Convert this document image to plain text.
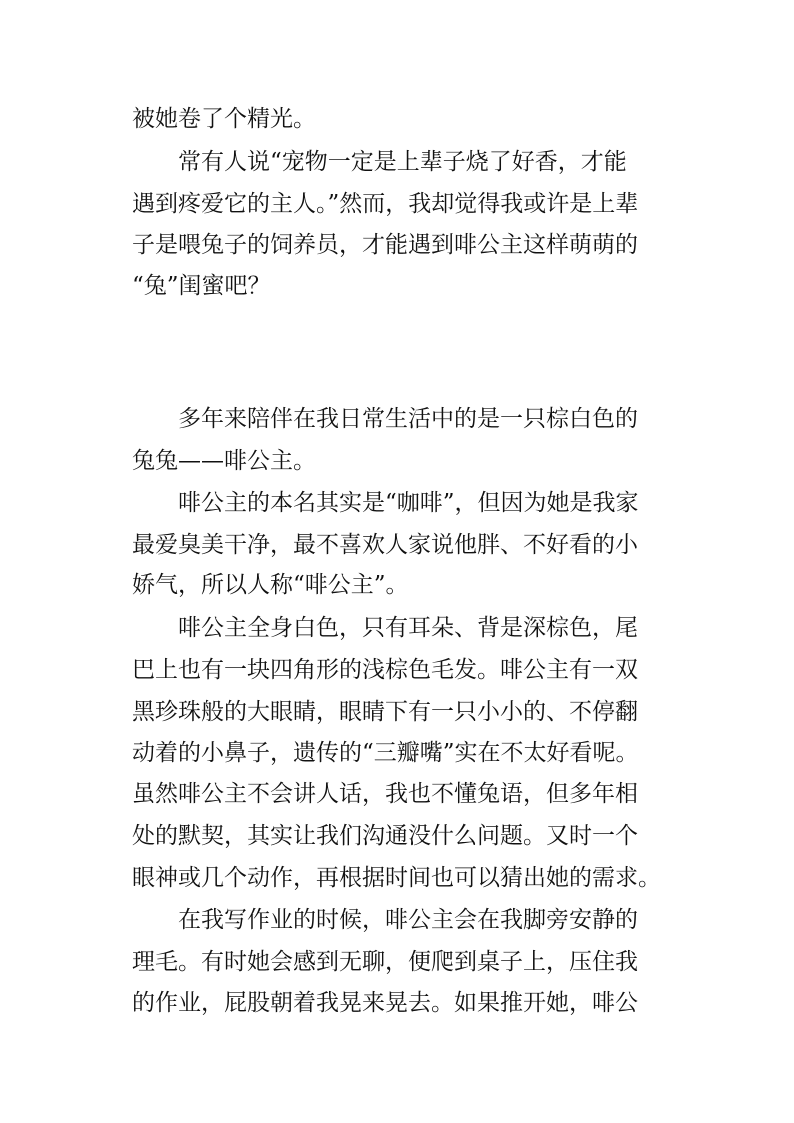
被她卷了个精光。
常有人说“宠物一定是上辈子烧了好香，才能
遇到疼爱它的主人。”然而，我却觉得我或许是上辈
子是喂兔子的饲养员，才能遇到啡公主这样萌萌的
“兔”闺蜜吧？
多年来陪伴在我日常生活中的是一只棕白色的
兔兔——啡公主。
啡公主的本名其实是“咖啡”，但因为她是我家
最爱臭美干净，最不喜欢人家说他胖、不好看的小
娇气，所以人称“啡公主”。
啡公主全身白色，只有耳朵、背是深棕色，尾
巴上也有一块四角形的浅棕色毛发。啡公主有一双
黑珍珠般的大眼睛，眼睛下有一只小小的、不停翻
动着的小鼻子，遗传的“三瓣嘴”实在不太好看呢。
虽然啡公主不会讲人话，我也不懂兔语，但多年相
处的默契，其实让我们沟通没什么问题。又时一个
眼神或几个动作，再根据时间也可以猜出她的需求。
在我写作业的时候，啡公主会在我脚旁安静的
理毛。有时她会感到无聊，便爬到桌子上，压住我
的作业，屁股朝着我晃来晃去。如果推开她，啡公
